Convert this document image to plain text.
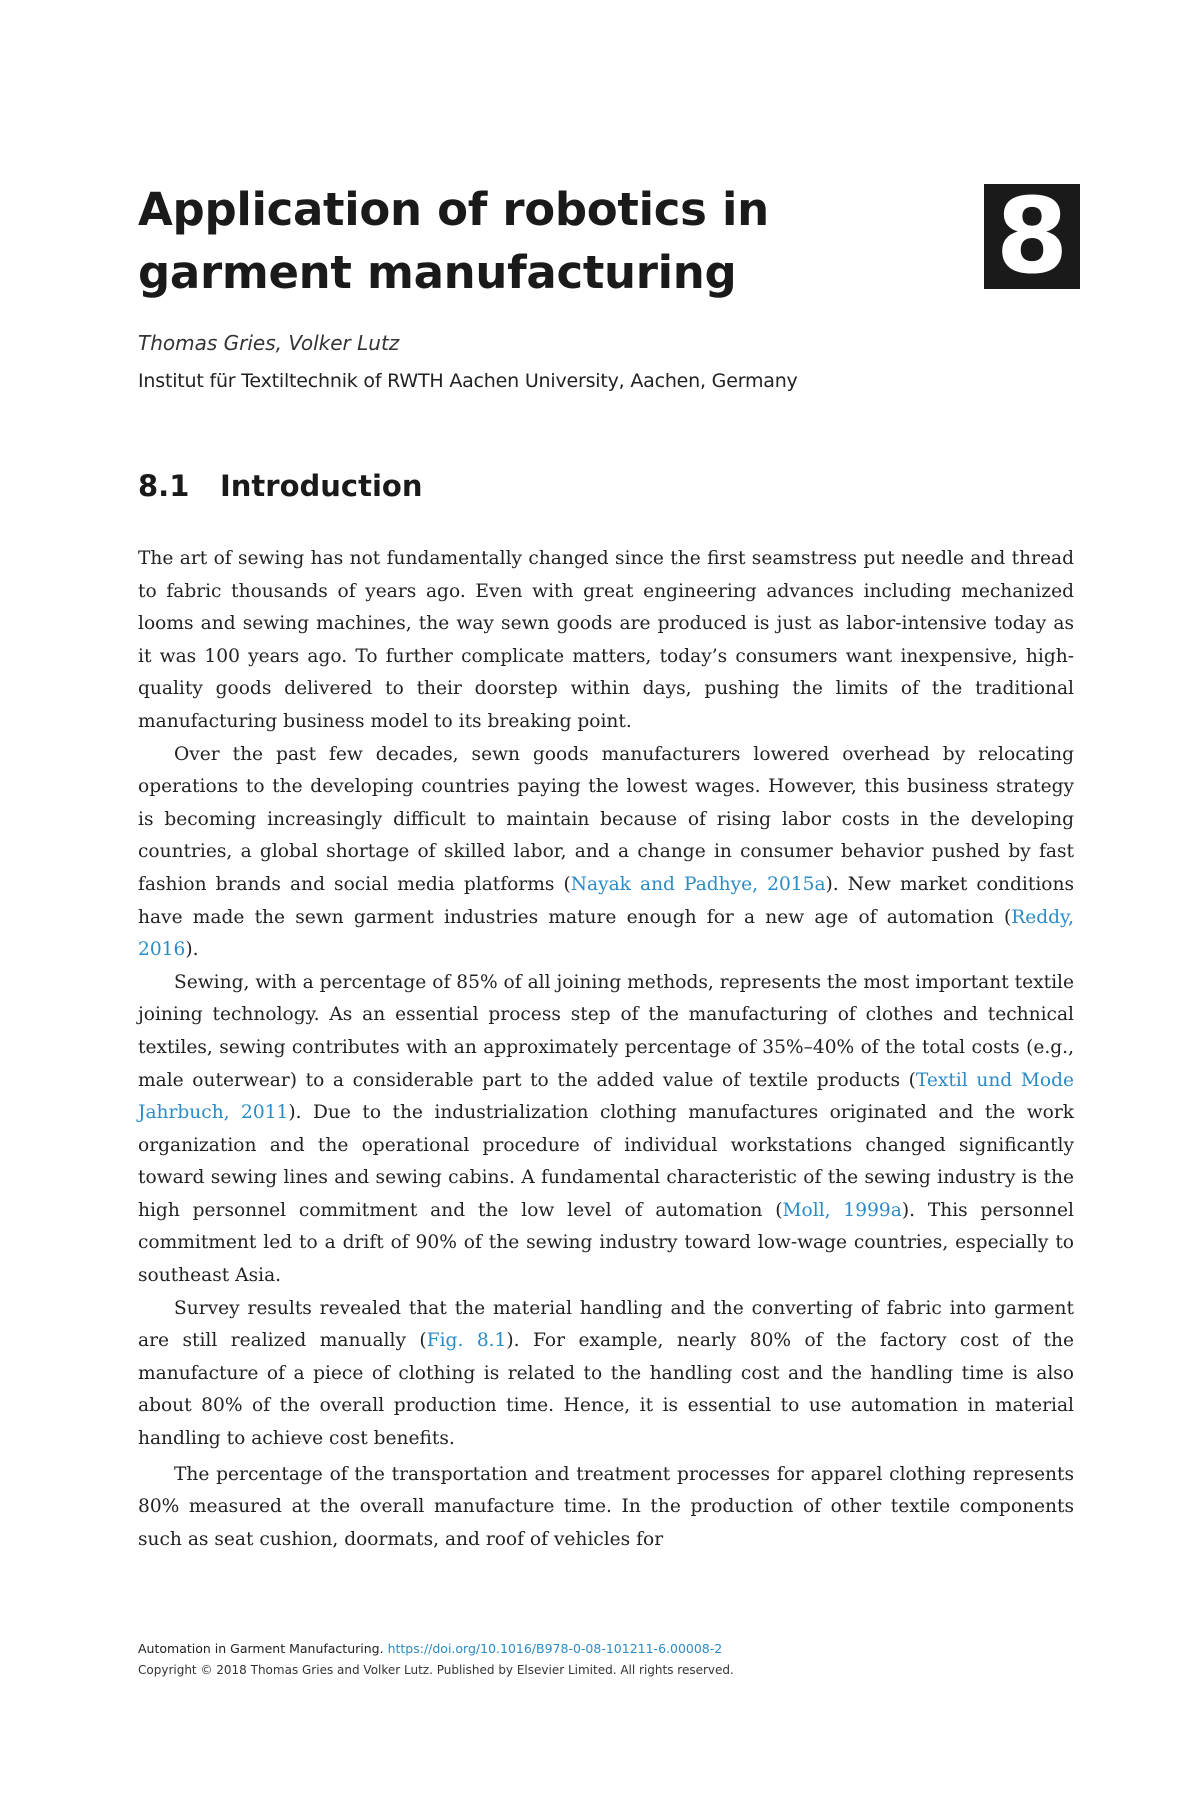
Application of robotics in garment manufacturing	8

Thomas Gries, Volker Lutz

Institut für Textiltechnik of RWTH Aachen University, Aachen, Germany

8.1 Introduction

The art of sewing has not fundamentally changed since the first seamstress put needle and thread to fabric thousands of years ago. Even with great engineering advances including mechanized looms and sewing machines, the way sewn goods are produced is just as labor-intensive today as it was 100 years ago. To further complicate matters, today’s consumers want inexpensive, high-quality goods delivered to their doorstep within days, pushing the limits of the traditional manufacturing business model to its breaking point.

Over the past few decades, sewn goods manufacturers lowered overhead by relocating operations to the developing countries paying the lowest wages. However, this business strategy is becoming increasingly difficult to maintain because of rising labor costs in the developing countries, a global shortage of skilled labor, and a change in consumer behavior pushed by fast fashion brands and social media platforms (Nayak and Padhye, 2015a). New market conditions have made the sewn garment industries mature enough for a new age of automation (Reddy, 2016).

Sewing, with a percentage of 85% of all joining methods, represents the most important textile joining technology. As an essential process step of the manufacturing of clothes and technical textiles, sewing contributes with an approximately percentage of 35%–40% of the total costs (e.g., male outerwear) to a considerable part to the added value of textile products (Textil und Mode Jahrbuch, 2011). Due to the industrialization clothing manufactures originated and the work organization and the operational procedure of individual workstations changed significantly toward sewing lines and sewing cabins. A fundamental characteristic of the sewing industry is the high personnel commitment and the low level of automation (Moll, 1999a). This personnel commitment led to a drift of 90% of the sewing industry toward low-wage countries, especially to southeast Asia.

Survey results revealed that the material handling and the converting of fabric into garment are still realized manually (Fig. 8.1). For example, nearly 80% of the factory cost of the manufacture of a piece of clothing is related to the handling cost and the handling time is also about 80% of the overall production time. Hence, it is essential to use automation in material handling to achieve cost benefits.

The percentage of the transportation and treatment processes for apparel clothing represents 80% measured at the overall manufacture time. In the production of other textile components such as seat cushion, doormats, and roof of vehicles for

Automation in Garment Manufacturing. https://doi.org/10.1016/B978-0-08-101211-6.00008-2
Copyright © 2018 Thomas Gries and Volker Lutz. Published by Elsevier Limited. All rights reserved.
